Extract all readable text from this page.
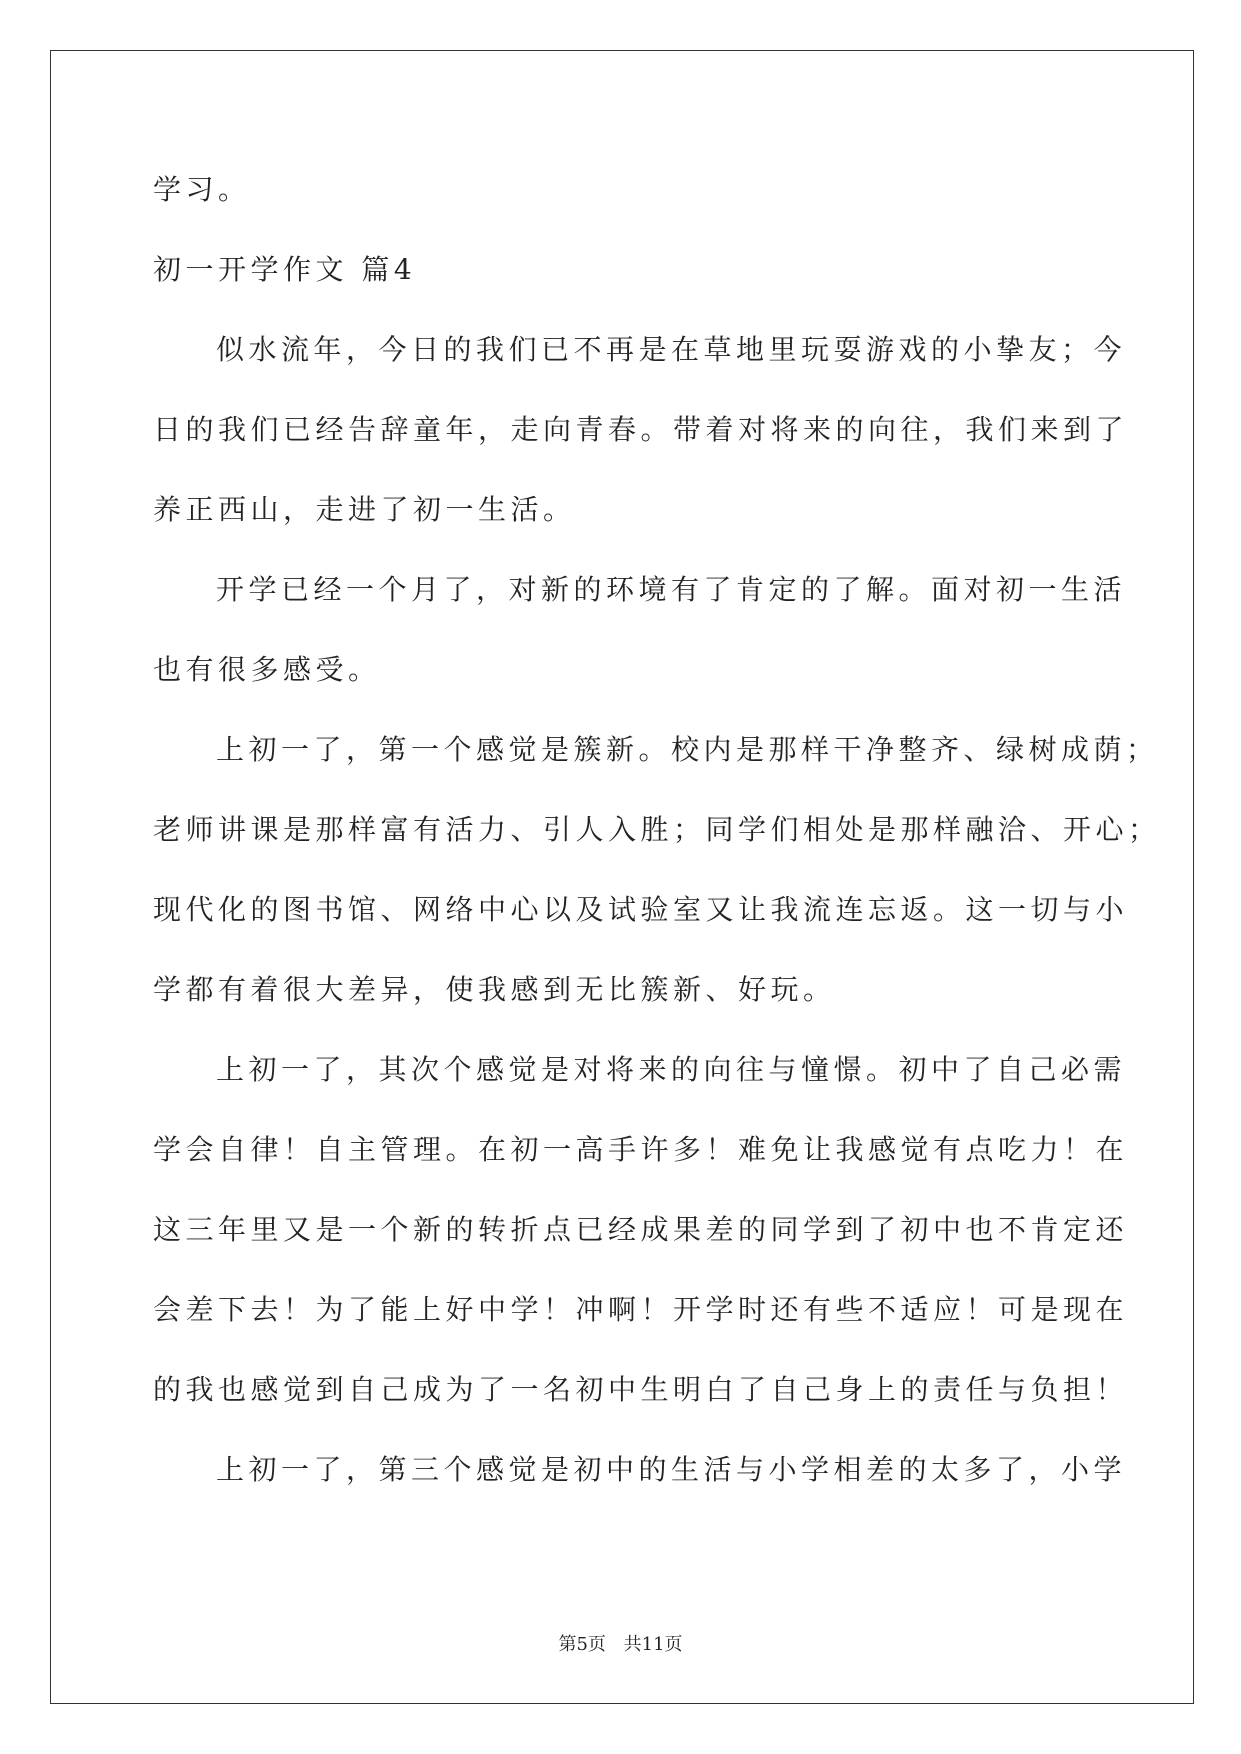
学习。
初一开学作文 篇4
似水流年，今日的我们已不再是在草地里玩耍游戏的小挚友；今
日的我们已经告辞童年，走向青春。带着对将来的向往，我们来到了
养正西山，走进了初一生活。
开学已经一个月了，对新的环境有了肯定的了解。面对初一生活
也有很多感受。
上初一了，第一个感觉是簇新。校内是那样干净整齐、绿树成荫；
老师讲课是那样富有活力、引人入胜；同学们相处是那样融洽、开心；
现代化的图书馆、网络中心以及试验室又让我流连忘返。这一切与小
学都有着很大差异，使我感到无比簇新、好玩。
上初一了，其次个感觉是对将来的向往与憧憬。初中了自己必需
学会自律！自主管理。在初一高手许多！难免让我感觉有点吃力！在
这三年里又是一个新的转折点已经成果差的同学到了初中也不肯定还
会差下去！为了能上好中学！冲啊！开学时还有些不适应！可是现在
的我也感觉到自己成为了一名初中生明白了自己身上的责任与负担！
上初一了，第三个感觉是初中的生活与小学相差的太多了，小学
第5页 共11页
